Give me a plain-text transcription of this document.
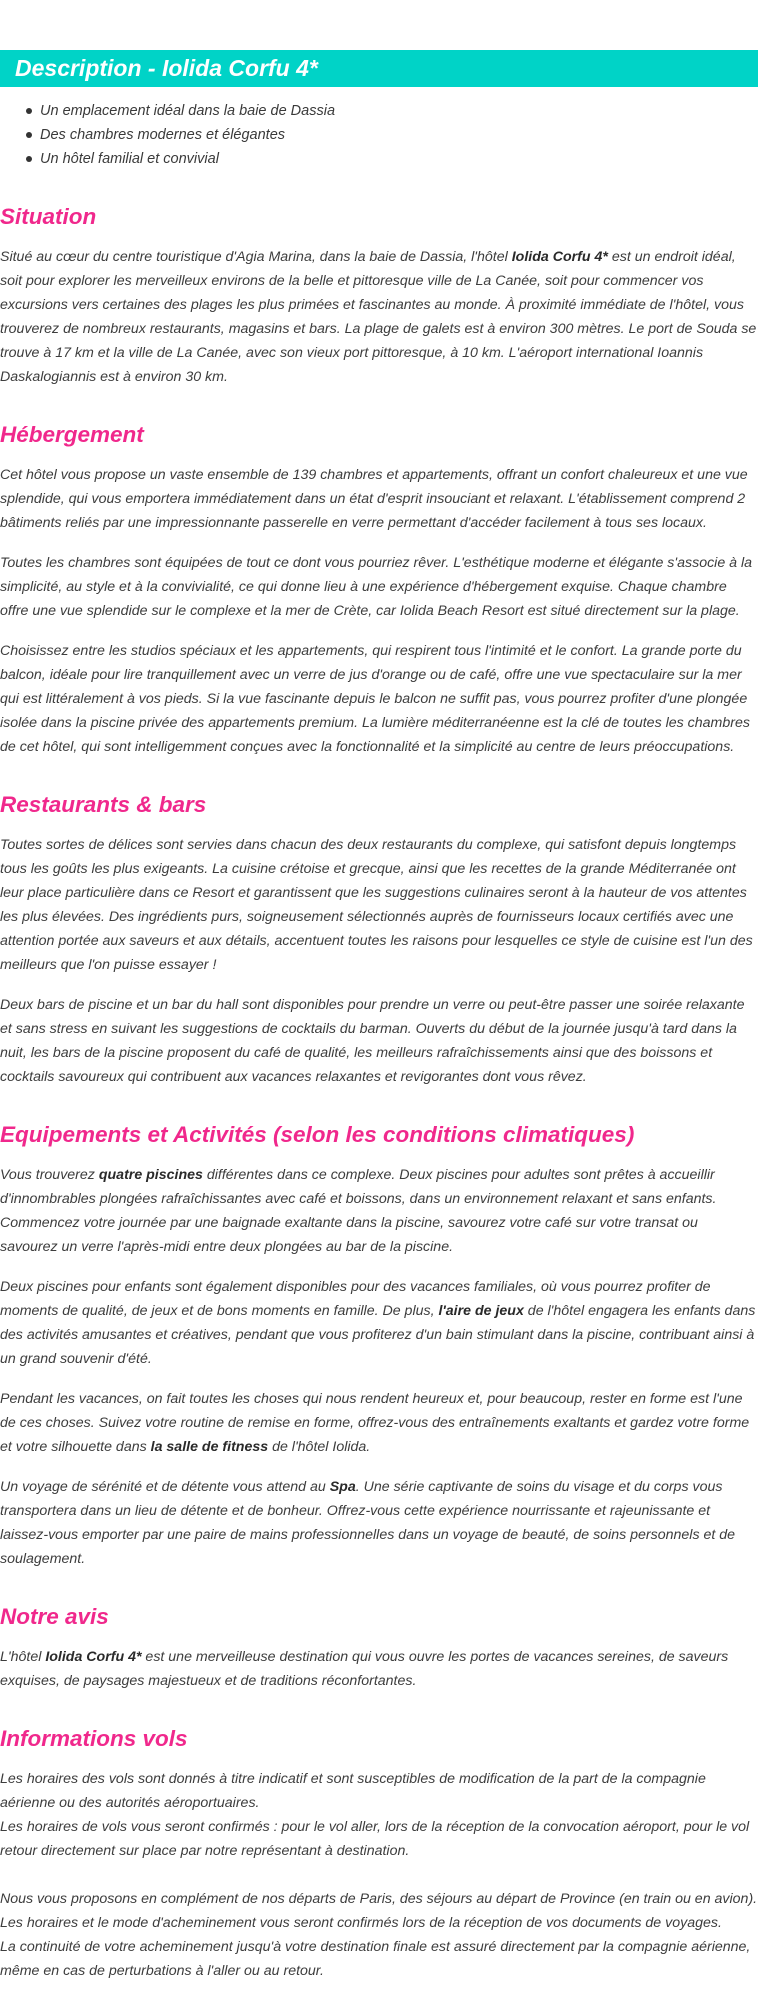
Description - Iolida Corfu 4*
Un emplacement idéal dans la baie de Dassia
Des chambres modernes et élégantes
Un hôtel familial et convivial
Situation

Situé au cœur du centre touristique d'Agia Marina, dans la baie de Dassia, l'hôtel Iolida Corfu 4* est un endroit idéal, soit pour explorer les merveilleux environs de la belle et pittoresque ville de La Canée, soit pour commencer vos excursions vers certaines des plages les plus primées et fascinantes au monde. À proximité immédiate de l'hôtel, vous trouverez de nombreux restaurants, magasins et bars. La plage de galets est à environ 300 mètres. Le port de Souda se trouve à 17 km et la ville de La Canée, avec son vieux port pittoresque, à 10 km. L'aéroport international Ioannis Daskalogiannis est à environ 30 km.

Hébergement

Cet hôtel vous propose un vaste ensemble de 139 chambres et appartements, offrant un confort chaleureux et une vue splendide, qui vous emportera immédiatement dans un état d'esprit insouciant et relaxant. L'établissement comprend 2 bâtiments reliés par une impressionnante passerelle en verre permettant d'accéder facilement à tous ses locaux.

Toutes les chambres sont équipées de tout ce dont vous pourriez rêver. L'esthétique moderne et élégante s'associe à la simplicité, au style et à la convivialité, ce qui donne lieu à une expérience d'hébergement exquise. Chaque chambre offre une vue splendide sur le complexe et la mer de Crète, car Iolida Beach Resort est situé directement sur la plage.

Choisissez entre les studios spéciaux et les appartements, qui respirent tous l'intimité et le confort. La grande porte du balcon, idéale pour lire tranquillement avec un verre de jus d'orange ou de café, offre une vue spectaculaire sur la mer qui est littéralement à vos pieds. Si la vue fascinante depuis le balcon ne suffit pas, vous pourrez profiter d'une plongée isolée dans la piscine privée des appartements premium. La lumière méditerranéenne est la clé de toutes les chambres de cet hôtel, qui sont intelligemment conçues avec la fonctionnalité et la simplicité au centre de leurs préoccupations.

Restaurants & bars

Toutes sortes de délices sont servies dans chacun des deux restaurants du complexe, qui satisfont depuis longtemps tous les goûts les plus exigeants. La cuisine crétoise et grecque, ainsi que les recettes de la grande Méditerranée ont leur place particulière dans ce Resort et garantissent que les suggestions culinaires seront à la hauteur de vos attentes les plus élevées. Des ingrédients purs, soigneusement sélectionnés auprès de fournisseurs locaux certifiés avec une attention portée aux saveurs et aux détails, accentuent toutes les raisons pour lesquelles ce style de cuisine est l'un des meilleurs que l'on puisse essayer !

Deux bars de piscine et un bar du hall sont disponibles pour prendre un verre ou peut-être passer une soirée relaxante et sans stress en suivant les suggestions de cocktails du barman. Ouverts du début de la journée jusqu'à tard dans la nuit, les bars de la piscine proposent du café de qualité, les meilleurs rafraîchissements ainsi que des boissons et cocktails savoureux qui contribuent aux vacances relaxantes et revigorantes dont vous rêvez.

Equipements et Activités (selon les conditions climatiques)

Vous trouverez quatre piscines différentes dans ce complexe. Deux piscines pour adultes sont prêtes à accueillir d'innombrables plongées rafraîchissantes avec café et boissons, dans un environnement relaxant et sans enfants. Commencez votre journée par une baignade exaltante dans la piscine, savourez votre café sur votre transat ou savourez un verre l'après-midi entre deux plongées au bar de la piscine.

Deux piscines pour enfants sont également disponibles pour des vacances familiales, où vous pourrez profiter de moments de qualité, de jeux et de bons moments en famille. De plus, l'aire de jeux de l'hôtel engagera les enfants dans des activités amusantes et créatives, pendant que vous profiterez d'un bain stimulant dans la piscine, contribuant ainsi à un grand souvenir d'été.

Pendant les vacances, on fait toutes les choses qui nous rendent heureux et, pour beaucoup, rester en forme est l'une de ces choses. Suivez votre routine de remise en forme, offrez-vous des entraînements exaltants et gardez votre forme et votre silhouette dans la salle de fitness de l'hôtel Iolida.

Un voyage de sérénité et de détente vous attend au Spa. Une série captivante de soins du visage et du corps vous transportera dans un lieu de détente et de bonheur. Offrez-vous cette expérience nourrissante et rajeunissante et laissez-vous emporter par une paire de mains professionnelles dans un voyage de beauté, de soins personnels et de soulagement.

Notre avis

L'hôtel Iolida Corfu 4* est une merveilleuse destination qui vous ouvre les portes de vacances sereines, de saveurs exquises, de paysages majestueux et de traditions réconfortantes.

Informations vols

Les horaires des vols sont donnés à titre indicatif et sont susceptibles de modification de la part de la compagnie aérienne ou des autorités aéroportuaires.

Les horaires de vols vous seront confirmés : pour le vol aller, lors de la réception de la convocation aéroport, pour le vol retour directement sur place par notre représentant à destination.

Nous vous proposons en complément de nos départs de Paris, des séjours au départ de Province (en train ou en avion).

Les horaires et le mode d'acheminement vous seront confirmés lors de la réception de vos documents de voyages.

La continuité de votre acheminement jusqu'à votre destination finale est assuré directement par la compagnie aérienne, même en cas de perturbations à l'aller ou au retour.
